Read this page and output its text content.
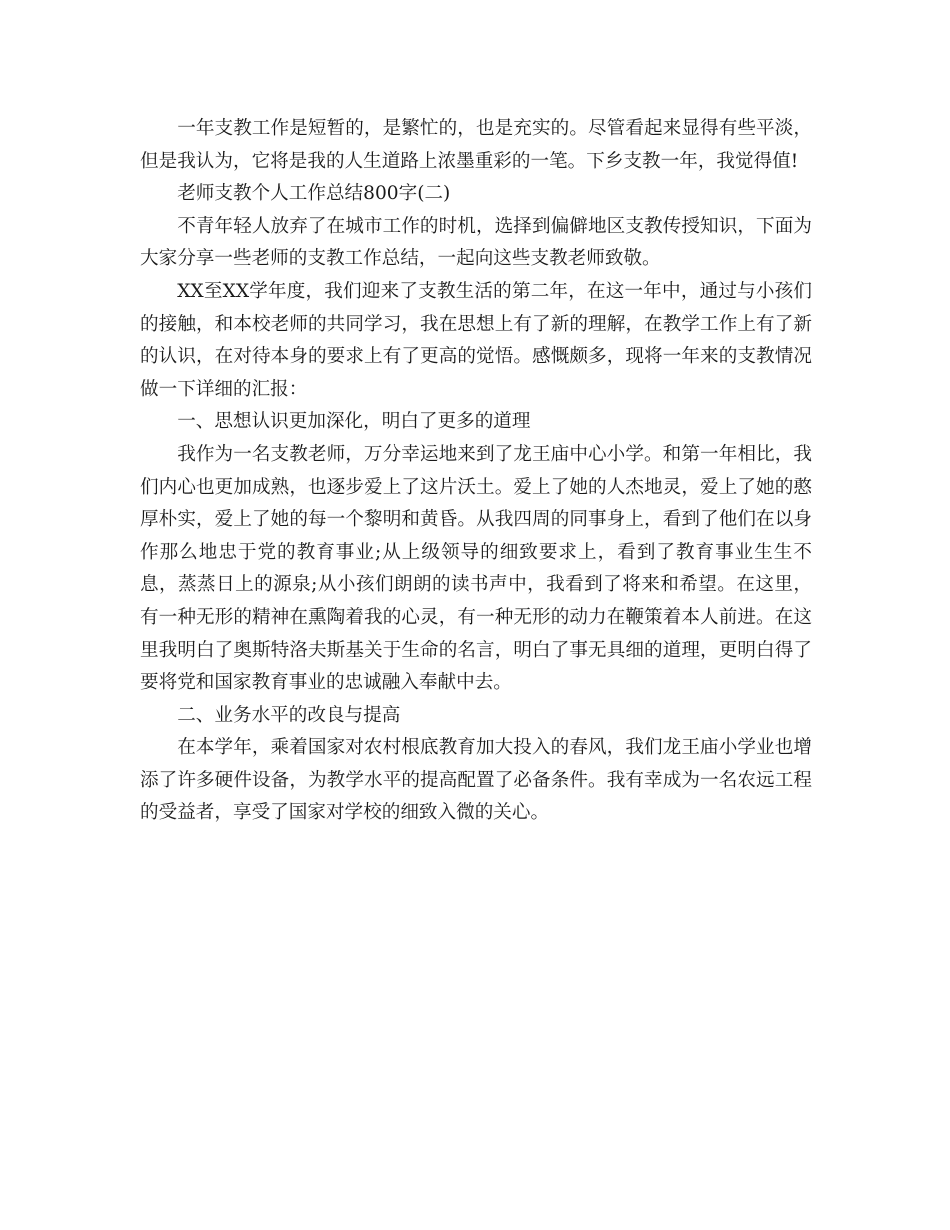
一年支教工作是短暂的，是繁忙的，也是充实的。尽管看起来显得有些平淡，但是我认为，它将是我的人生道路上浓墨重彩的一笔。下乡支教一年，我觉得值!

老师支教个人工作总结800字(二)

不青年轻人放弃了在城市工作的时机，选择到偏僻地区支教传授知识，下面为大家分享一些老师的支教工作总结，一起向这些支教老师致敬。

XX至XX学年度，我们迎来了支教生活的第二年，在这一年中，通过与小孩们的接触，和本校老师的共同学习，我在思想上有了新的理解，在教学工作上有了新的认识，在对待本身的要求上有了更高的觉悟。感慨颇多，现将一年来的支教情况做一下详细的汇报：

一、思想认识更加深化，明白了更多的道理

我作为一名支教老师，万分幸运地来到了龙王庙中心小学。和第一年相比，我们内心也更加成熟，也逐步爱上了这片沃土。爱上了她的人杰地灵，爱上了她的憨厚朴实，爱上了她的每一个黎明和黄昏。从我四周的同事身上，看到了他们在以身作那么地忠于党的教育事业;从上级领导的细致要求上，看到了教育事业生生不息，蒸蒸日上的源泉;从小孩们朗朗的读书声中，我看到了将来和希望。在这里，有一种无形的精神在熏陶着我的心灵，有一种无形的动力在鞭策着本人前进。在这里我明白了奥斯特洛夫斯基关于生命的名言，明白了事无具细的道理，更明白得了要将党和国家教育事业的忠诚融入奉献中去。

二、业务水平的改良与提高

在本学年，乘着国家对农村根底教育加大投入的春风，我们龙王庙小学业也增添了许多硬件设备，为教学水平的提高配置了必备条件。我有幸成为一名农远工程的受益者，享受了国家对学校的细致入微的关心。
